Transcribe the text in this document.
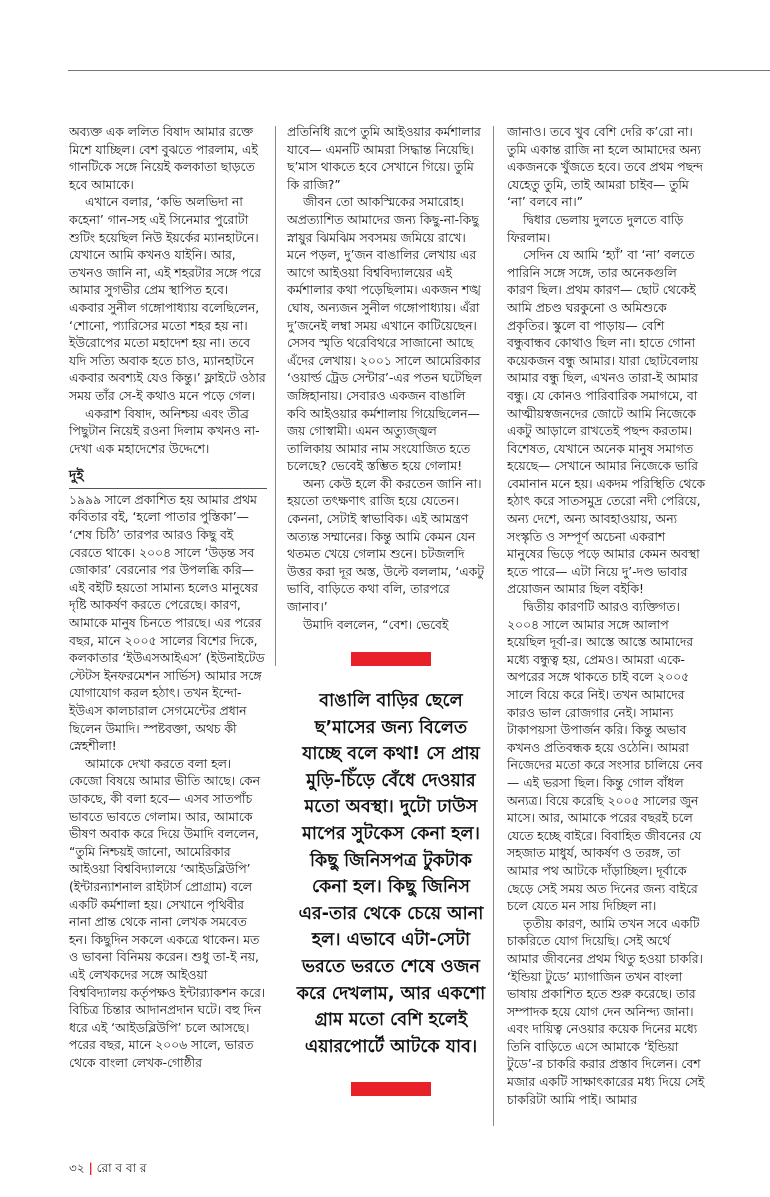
অব্যক্ত এক ললিত বিষাদ আমার রক্তে মিশে যাচ্ছিল। বেশ বুঝতে পারলাম, এই গানটিকে সঙ্গে নিয়েই কলকাতা ছাড়তে হবে আমাকে।

এখানে বলার, ‘কভি অলভিদা না কহেনা’ গান-সহ এই সিনেমার পুরোটা শুটিং হয়েছিল নিউ ইয়র্কের ম্যানহাটনে। যেখানে আমি কখনও যাইনি। আর, তখনও জানি না, এই শহরটার সঙ্গে পরে আমার সুগভীর প্রেম স্থাপিত হবে। একবার সুনীল গঙ্গোপাধ্যায় বলেছিলেন, ‘শোনো, প্যারিসের মতো শহর হয় না। ইউরোপের মতো মহাদেশ হয় না। তবে যদি সত্যি অবাক হতে চাও, ম্যানহাটনে একবার অবশ্যই যেও কিন্তু।’ ফ্লাইটে ওঠার সময় তাঁর সে-ই কথাও মনে পড়ে গেল।

একরাশ বিষাদ, অনিশ্চয় এবং তীব্র পিছুটান নিয়েই রওনা দিলাম কখনও না-দেখা এক মহাদেশের উদ্দেশে।

দুই

১৯৯৯ সালে প্রকাশিত হয় আমার প্রথম কবিতার বই, ‘হলো পাতার পুস্তিকা’— ‘শেষ চিঠি’ তারপর আরও কিছু বই বেরতে থাকে। ২০০৪ সালে ‘উড়ন্ত সব জোকার’ বেরনোর পর উপলব্ধি করি— এই বইটি হয়তো সামান্য হলেও মানুষের দৃষ্টি আকর্ষণ করতে পেরেছে। কারণ, আমাকে মানুষ চিনতে পারছে। এর পরের বছর, মানে ২০০৫ সালের বিশের দিকে, কলকাতার ‘ইউএসআইএস’ (ইউনাইটেড স্টেটস ইনফরমেশন সার্ভিস) আমার সঙ্গে যোগাযোগ করল হঠাৎ। তখন ইন্দো-ইউএস কালচারাল সেগমেন্টের প্রধান ছিলেন উমাদি। স্পষ্টবক্তা, অথচ কী স্নেহশীলা!

আমাকে দেখা করতে বলা হল। কেজো বিষয়ে আমার ভীতি আছে। কেন ডাকছে, কী বলা হবে— এসব সাতপাঁচ ভাবতে ভাবতে গেলাম। আর, আমাকে ভীষণ অবাক করে দিয়ে উমাদি বললেন, “তুমি নিশ্চয়ই জানো, আমেরিকার আইওয়া বিশ্ববিদ্যালয়ে ‘আইডব্লিউপি’ (ইন্টারন্যাশনাল রাইটার্স প্রোগ্রাম) বলে একটি কর্মশালা হয়। সেখানে পৃথিবীর নানা প্রান্ত থেকে নানা লেখক সমবেত হন। কিছুদিন সকলে একত্রে থাকেন। মত ও ভাবনা বিনিময় করেন। শুধু তা-ই নয়, এই লেখকদের সঙ্গে আইওয়া বিশ্ববিদ্যালয় কর্তৃপক্ষও ইন্টার‍্যাকশন করে। বিচিত্র চিন্তার আদানপ্রদান ঘটে। বহু দিন ধরে এই ‘আইডব্লিউপি’ চলে আসছে। পরের বছর, মানে ২০০৬ সালে, ভারত থেকে বাংলা লেখক-গোষ্ঠীর

প্রতিনিধি রূপে তুমি আইওয়ার কর্মশালার যাবে— এমনটি আমরা সিদ্ধান্ত নিয়েছি। ছ’মাস থাকতে হবে সেখানে গিয়ে। তুমি কি রাজি?”

জীবন তো আকস্মিকের সমারোহ। অপ্রত্যাশিত আমাদের জন্য কিছু-না-কিছু স্নায়ুর ঝিমঝিম সবসময় জমিয়ে রাখে। মনে পড়ল, দু’জন বাঙালির লেখায় এর আগে আইওয়া বিশ্ববিদ্যালয়ের এই কর্মশালার কথা পড়েছিলাম। একজন শঙ্খ ঘোষ, অন্যজন সুনীল গঙ্গোপাধ্যায়। এঁরা দু’জনেই লম্বা সময় এখানে কাটিয়েছেন। সেসব স্মৃতি থরেবিথরে সাজানো আছে এঁদের লেখায়। ২০০১ সালে আমেরিকার ‘ওয়ার্ল্ড ট্রেড সেন্টার’-এর পতন ঘটেছিল জঙ্গিহানায়। সেবারও একজন বাঙালি কবি আইওয়ার কর্মশালায় গিয়েছিলেন— জয় গোস্বামী। এমন অত্যুজ্জ্বল তালিকায় আমার নাম সংযোজিত হতে চলেছে? ভেবেই স্তম্ভিত হয়ে গেলাম!

অন্য কেউ হলে কী করতেন জানি না। হয়তো তৎক্ষণাৎ রাজি হয়ে যেতেন। কেননা, সেটাই স্বাভাবিক। এই আমন্ত্রণ অত্যন্ত সম্মানের। কিন্তু আমি কেমন যেন থতমত খেয়ে গেলাম শুনে। চটজলদি উত্তর করা দূর অস্ত, উল্টে বললাম, ‘একটু ভাবি, বাড়িতে কথা বলি, তারপরে জানাব।’

উমাদি বললেন, “বেশ। ভেবেই

বাঙালি বাড়ির ছেলে ছ’মাসের জন্য বিলেত যাচ্ছে বলে কথা! সে প্রায় মুড়ি-চিঁড়ে বেঁধে দেওয়ার মতো অবস্থা। দুটো ঢাউস মাপের সুটকেস কেনা হল। কিছু জিনিসপত্র টুকটাক কেনা হল। কিছু জিনিস এর-তার থেকে চেয়ে আনা হল। এভাবে এটা-সেটা ভরতে ভরতে শেষে ওজন করে দেখলাম, আর একশো গ্রাম মতো বেশি হলেই এয়ারপোর্টে আটকে যাব।

জানাও। তবে খুব বেশি দেরি ক’রো না। তুমি একান্ত রাজি না হলে আমাদের অন্য একজনকে খুঁজতে হবে। তবে প্রথম পছন্দ যেহেতু তুমি, তাই আমরা চাইব— তুমি ‘না’ বলবে না।”

দ্বিধার ভেলায় দুলতে দুলতে বাড়ি ফিরলাম।

সেদিন যে আমি ‘হ্যাঁ’ বা ‘না’ বলতে পারিনি সঙ্গে সঙ্গে, তার অনেকগুলি কারণ ছিল। প্রথম কারণ— ছোট থেকেই আমি প্রচণ্ড ঘরকুনো ও অমিশুকে প্রকৃতির। স্কুলে বা পাড়ায়— বেশি বন্ধুবান্ধব কোথাও ছিল না। হাতে গোনা কয়েকজন বন্ধু আমার। যারা ছোটবেলায় আমার বন্ধু ছিল, এখনও তারা-ই আমার বন্ধু। যে কোনও পারিবারিক সমাগমে, বা আত্মীয়স্বজনদের জোটে আমি নিজেকে একটু আড়ালে রাখতেই পছন্দ করতাম। বিশেষত, যেখানে অনেক মানুষ সমাগত হয়েছে— সেখানে আমার নিজেকে ভারি বেমানান মনে হয়। একদম পরিস্থিতি থেকে হঠাৎ করে সাতসমুদ্র তেরো নদী পেরিয়ে, অন্য দেশে, অন্য আবহাওয়ায়, অন্য সংস্কৃতি ও সম্পূর্ণ অচেনা একরাশ মানুষের ভিড়ে পড়ে আমার কেমন অবস্থা হতে পারে— এটা নিয়ে দু’-দণ্ড ভাবার প্রয়োজন আমার ছিল বইকি!

দ্বিতীয় কারণটি আরও ব্যক্তিগত। ২০০৪ সালে আমার সঙ্গে আলাপ হয়েছিল দূর্বা-র। আস্তে আস্তে আমাদের মধ্যে বন্ধুত্ব হয়, প্রেমও। আমরা একে-অপরের সঙ্গে থাকতে চাই বলে ২০০৫ সালে বিয়ে করে নিই। তখন আমাদের কারও ভাল রোজগার নেই। সামান্য টাকাপয়সা উপার্জন করি। কিন্তু অভাব কখনও প্রতিবন্ধক হয়ে ওঠেনি। আমরা নিজেদের মতো করে সংসার চালিয়ে নেব— এই ভরসা ছিল। কিন্তু গোল বাঁধল অন্যত্র। বিয়ে করেছি ২০০৫ সালের জুন মাসে। আর, আমাকে পরের বছরই চলে যেতে হচ্ছে বাইরে। বিবাহিত জীবনের যে সহজাত মাধুর্য, আকর্ষণ ও তরঙ্গ, তা আমার পথ আটকে দাঁড়াচ্ছিল। দূর্বাকে ছেড়ে সেই সময় অত দিনের জন্য বাইরে চলে যেতে মন সায় দিচ্ছিল না।

তৃতীয় কারণ, আমি তখন সবে একটি চাকরিতে যোগ দিয়েছি। সেই অর্থে আমার জীবনের প্রথম থিতু হওয়া চাকরি। ‘ইন্ডিয়া টুডে’ ম্যাগাজিন তখন বাংলা ভাষায় প্রকাশিত হতে শুরু করেছে। তার সম্পাদক হয়ে যোগ দেন অনিন্দ্য জানা। এবং দায়িত্ব নেওয়ার কয়েক দিনের মধ্যে তিনি বাড়িতে এসে আমাকে ‘ইন্ডিয়া টুডে’-র চাকরি করার প্রস্তাব দিলেন। বেশ মজার একটি সাক্ষাৎকারের মধ্য দিয়ে সেই চাকরিটা আমি পাই। আমার

৩২ | রো ব বা র
